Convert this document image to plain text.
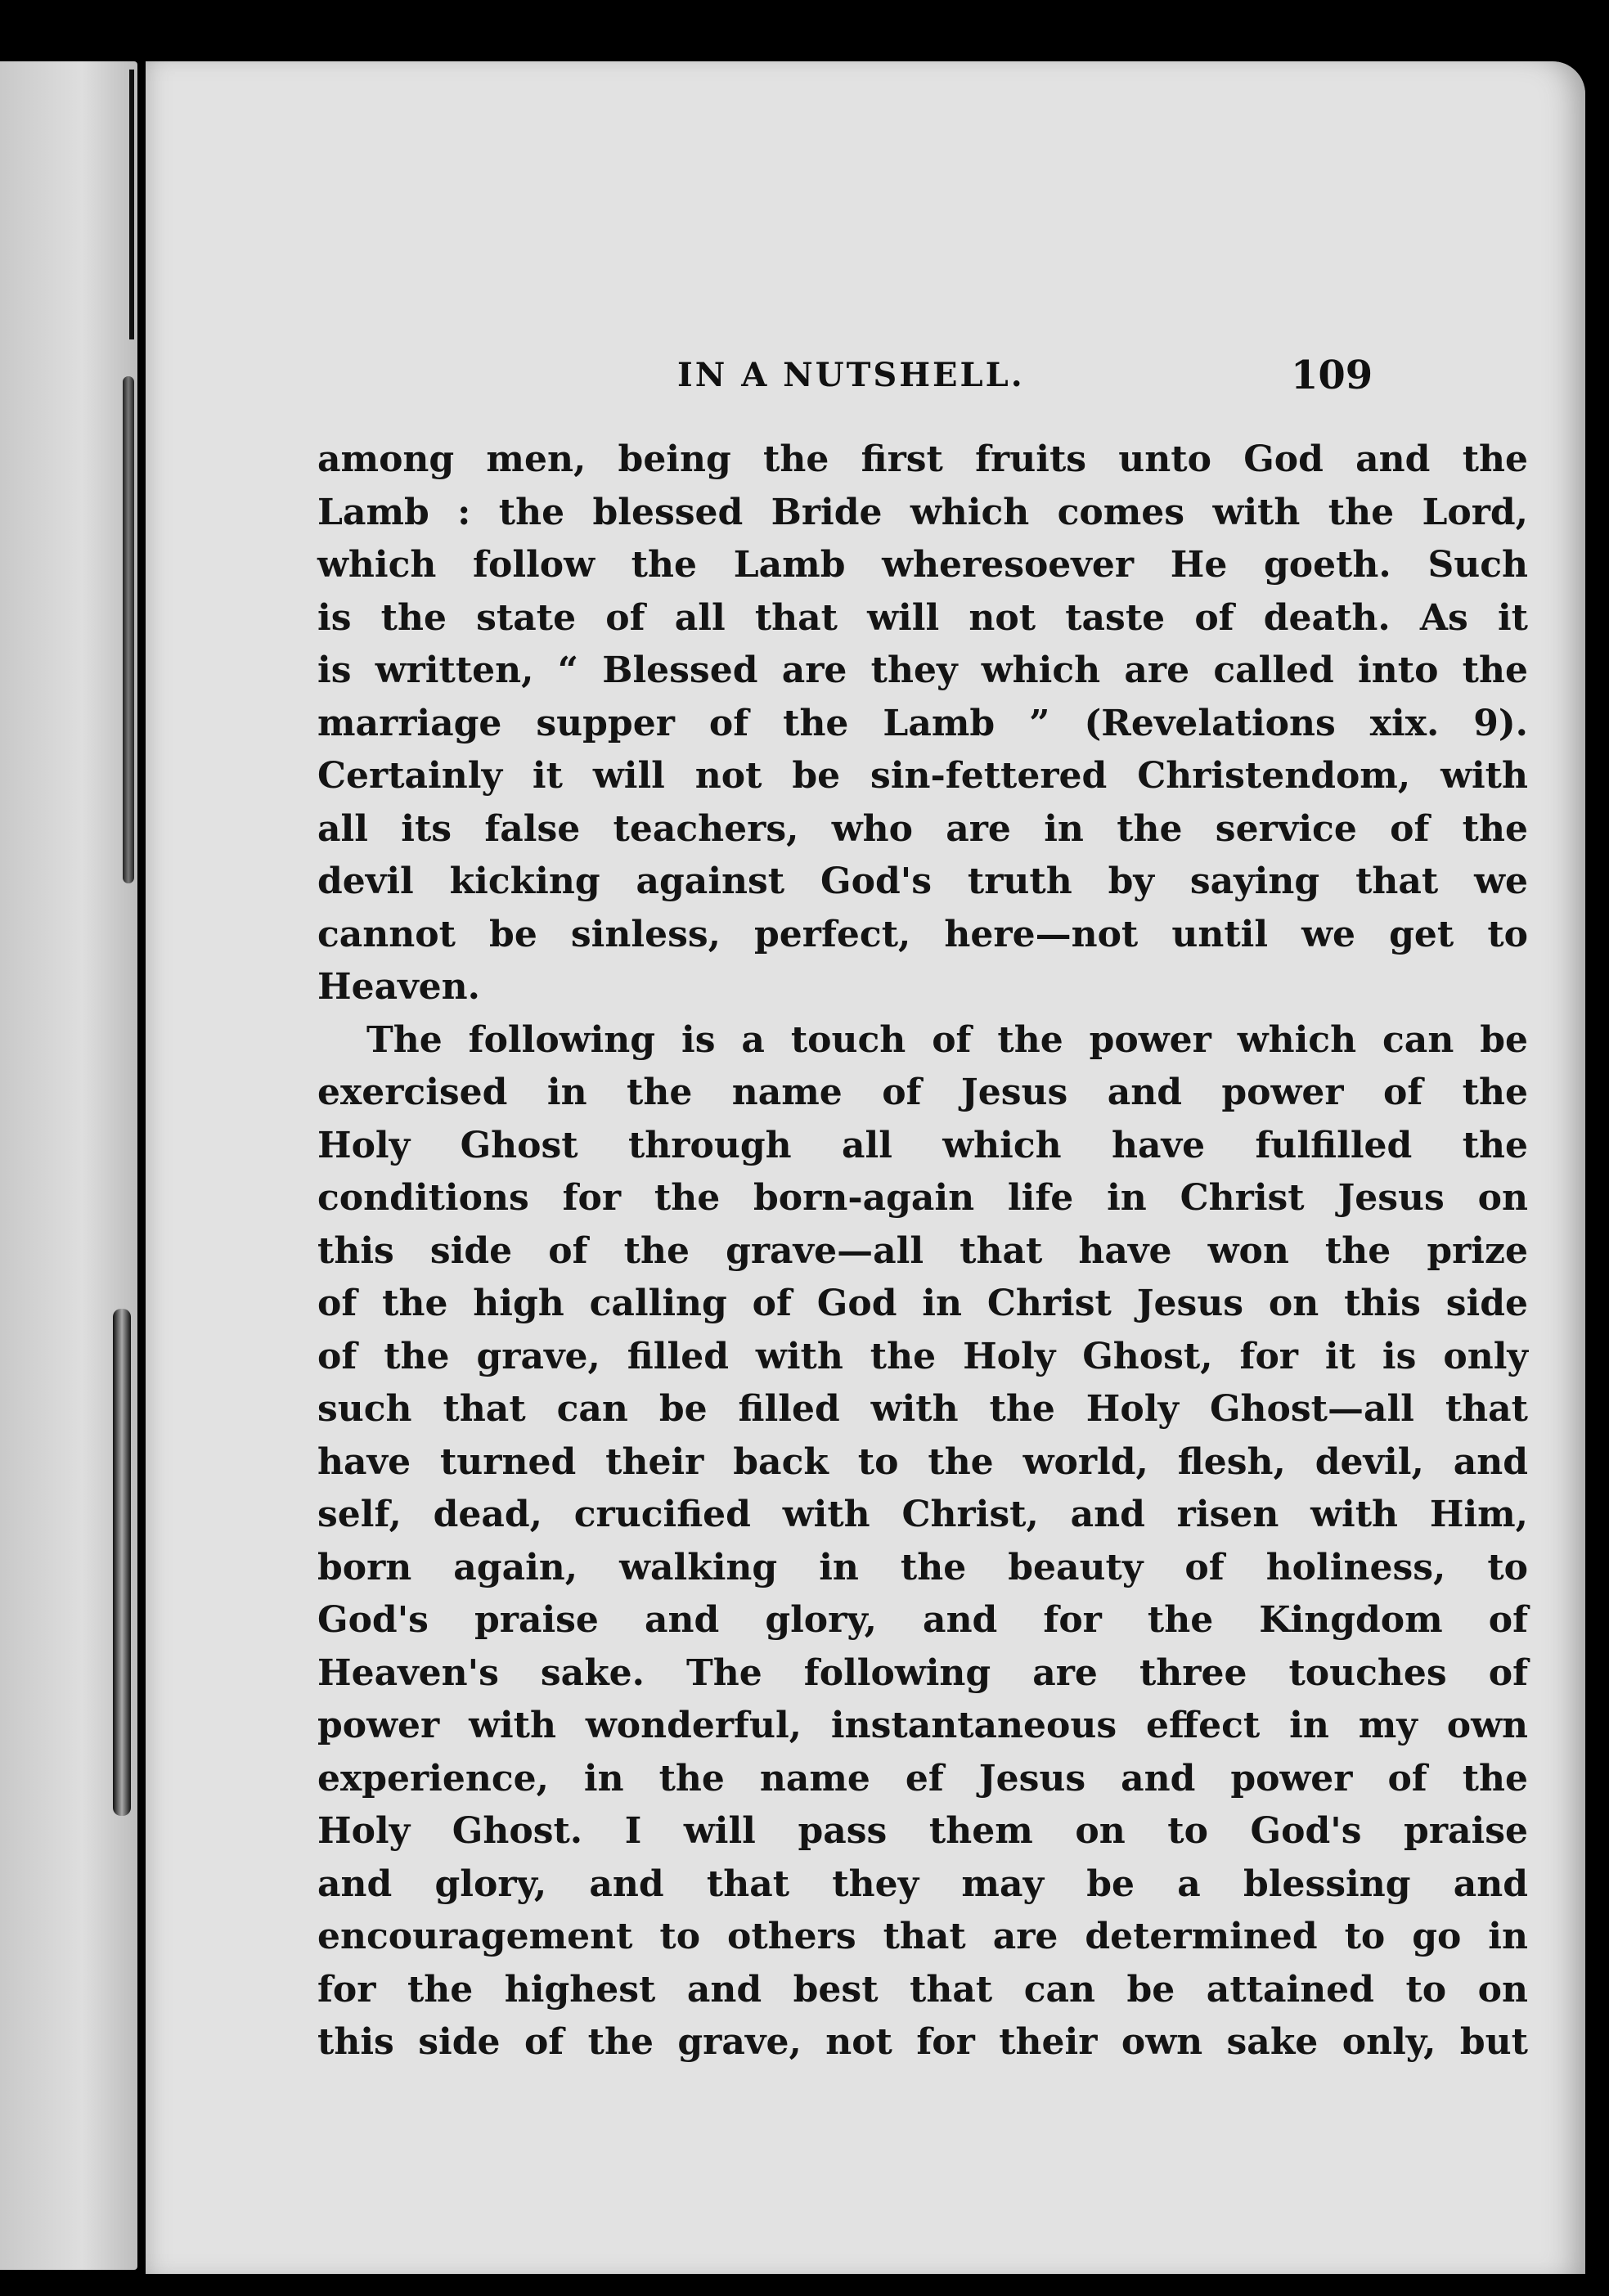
IN A NUTSHELL.	109
among men, being the first fruits unto God and the
Lamb : the blessed Bride which comes with the Lord,
which follow the Lamb wheresoever He goeth. Such
is the state of all that will not taste of death. As it
is written, “ Blessed are they which are called into the
marriage supper of the Lamb ” (Revelations xix. 9).
Certainly it will not be sin-fettered Christendom, with
all its false teachers, who are in the service of the
devil kicking against God's truth by saying that we
cannot be sinless, perfect, here—not until we get to
Heaven.
The following is a touch of the power which can be
exercised in the name of Jesus and power of the
Holy Ghost through all which have fulfilled the
conditions for the born-again life in Christ Jesus on
this side of the grave—all that have won the prize
of the high calling of God in Christ Jesus on this side
of the grave, filled with the Holy Ghost, for it is only
such that can be filled with the Holy Ghost—all that
have turned their back to the world, flesh, devil, and
self, dead, crucified with Christ, and risen with Him,
born again, walking in the beauty of holiness, to
God's praise and glory, and for the Kingdom of
Heaven's sake. The following are three touches of
power with wonderful, instantaneous effect in my own
experience, in the name ef Jesus and power of the
Holy Ghost. I will pass them on to God's praise
and glory, and that they may be a blessing and
encouragement to others that are determined to go in
for the highest and best that can be attained to on
this side of the grave, not for their own sake only, but
